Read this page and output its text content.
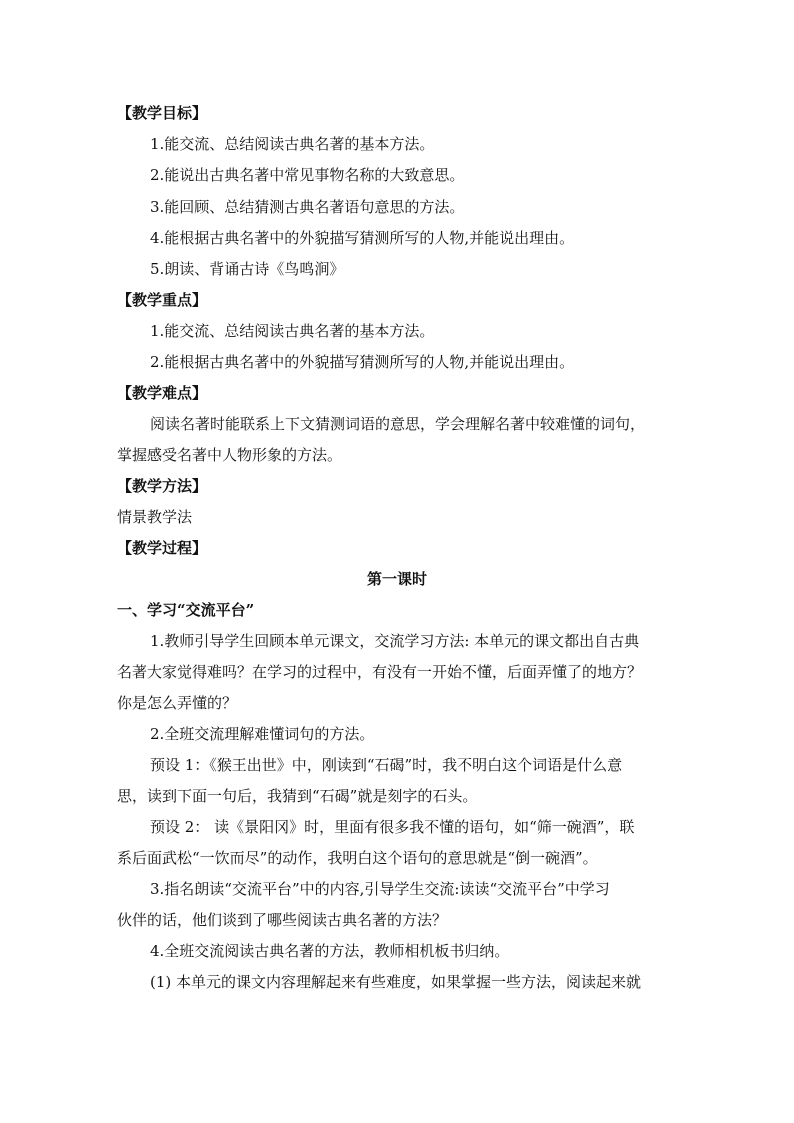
【教学目标】
1.能交流、总结阅读古典名著的基本方法。
2.能说出古典名著中常见事物名称的大致意思。
3.能回顾、总结猜测古典名著语句意思的方法。
4.能根据古典名著中的外貌描写猜测所写的人物,并能说出理由。
5.朗读、背诵古诗《鸟鸣涧》
【教学重点】
1.能交流、总结阅读古典名著的基本方法。
2.能根据古典名著中的外貌描写猜测所写的人物,并能说出理由。
【教学难点】
阅读名著时能联系上下文猜测词语的意思，学会理解名著中较难懂的词句，
掌握感受名著中人物形象的方法。
【教学方法】
情景教学法
【教学过程】
第一课时
一、学习“交流平台”
1.教师引导学生回顾本单元课文，交流学习方法: 本单元的课文都出自古典
名著大家觉得难吗？在学习的过程中，有没有一开始不懂，后面弄懂了的地方？
你是怎么弄懂的？
2.全班交流理解难懂词句的方法。
预设 1：《猴王出世》中，刚读到“石碣”时，我不明白这个词语是什么意
思，读到下面一句后，我猜到“石碣”就是刻字的石头。
预设 2： 读《景阳冈》时，里面有很多我不懂的语句，如“筛一碗酒”，联
系后面武松“一饮而尽”的动作，我明白这个语句的意思就是“倒一碗酒”。
3.指名朗读“交流平台”中的内容,引导学生交流:读读“交流平台”中学习
伙伴的话，他们谈到了哪些阅读古典名著的方法？
4.全班交流阅读古典名著的方法，教师相机板书归纳。
(1) 本单元的课文内容理解起来有些难度，如果掌握一些方法，阅读起来就
